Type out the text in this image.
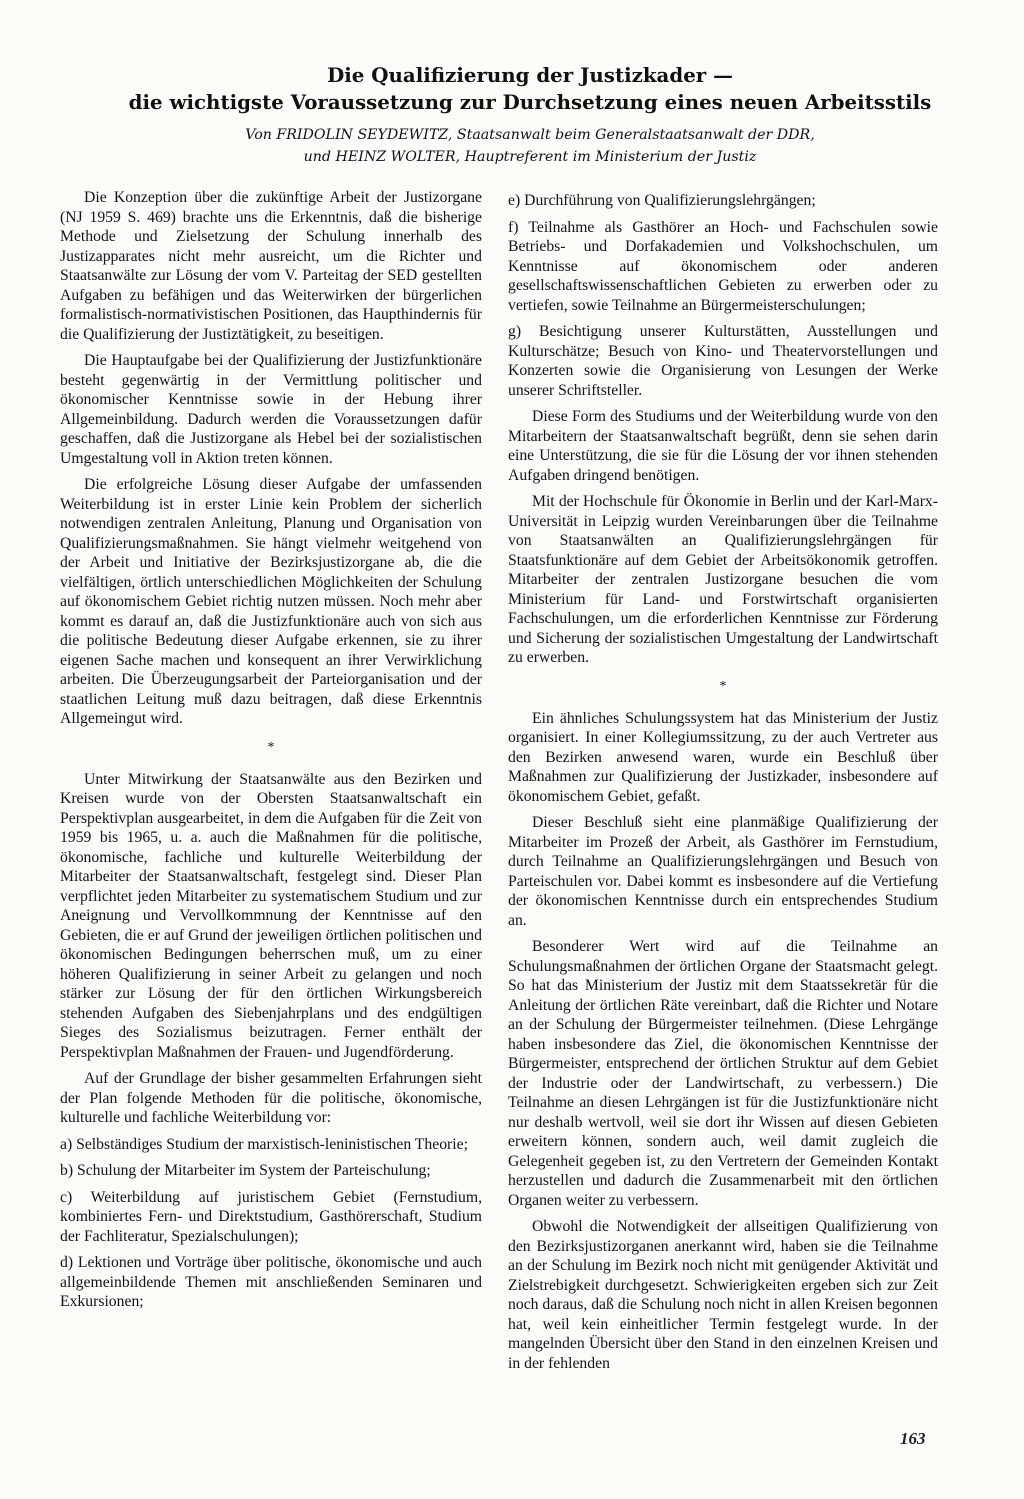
Die Qualifizierung der Justizkader —
die wichtigste Voraussetzung zur Durchsetzung eines neuen Arbeitsstils
Von FRIDOLIN SEYDEWITZ, Staatsanwalt beim Generalstaatsanwalt der DDR,
und HEINZ WOLTER, Hauptreferent im Ministerium der Justiz

Die Konzeption über die zukünftige Arbeit der Justizorgane (NJ 1959 S. 469) brachte uns die Erkenntnis, daß die bisherige Methode und Zielsetzung der Schulung innerhalb des Justizapparates nicht mehr ausreicht, um die Richter und Staatsanwälte zur Lösung der vom V. Parteitag der SED gestellten Aufgaben zu befähigen und das Weiterwirken der bürgerlichen formalistisch-normativistischen Positionen, das Haupthindernis für die Qualifizierung der Justiztätigkeit, zu beseitigen.

Die Hauptaufgabe bei der Qualifizierung der Justizfunktionäre besteht gegenwärtig in der Vermittlung politischer und ökonomischer Kenntnisse sowie in der Hebung ihrer Allgemeinbildung. Dadurch werden die Voraussetzungen dafür geschaffen, daß die Justizorgane als Hebel bei der sozialistischen Umgestaltung voll in Aktion treten können.

Die erfolgreiche Lösung dieser Aufgabe der umfassenden Weiterbildung ist in erster Linie kein Problem der sicherlich notwendigen zentralen Anleitung, Planung und Organisation von Qualifizierungsmaßnahmen. Sie hängt vielmehr weitgehend von der Arbeit und Initiative der Bezirksjustizorgane ab, die die vielfältigen, örtlich unterschiedlichen Möglichkeiten der Schulung auf ökonomischem Gebiet richtig nutzen müssen. Noch mehr aber kommt es darauf an, daß die Justizfunktionäre auch von sich aus die politische Bedeutung dieser Aufgabe erkennen, sie zu ihrer eigenen Sache machen und konsequent an ihrer Verwirklichung arbeiten. Die Überzeugungsarbeit der Parteiorganisation und der staatlichen Leitung muß dazu beitragen, daß diese Erkenntnis Allgemeingut wird.

*

Unter Mitwirkung der Staatsanwälte aus den Bezirken und Kreisen wurde von der Obersten Staatsanwaltschaft ein Perspektivplan ausgearbeitet, in dem die Aufgaben für die Zeit von 1959 bis 1965, u. a. auch die Maßnahmen für die politische, ökonomische, fachliche und kulturelle Weiterbildung der Mitarbeiter der Staatsanwaltschaft, festgelegt sind. Dieser Plan verpflichtet jeden Mitarbeiter zu systematischem Studium und zur Aneignung und Vervollkommnung der Kenntnisse auf den Gebieten, die er auf Grund der jeweiligen örtlichen politischen und ökonomischen Bedingungen beherrschen muß, um zu einer höheren Qualifizierung in seiner Arbeit zu gelangen und noch stärker zur Lösung der für den örtlichen Wirkungsbereich stehenden Aufgaben des Siebenjahrplans und des endgültigen Sieges des Sozialismus beizutragen. Ferner enthält der Perspektivplan Maßnahmen der Frauen- und Jugendförderung.

Auf der Grundlage der bisher gesammelten Erfahrungen sieht der Plan folgende Methoden für die politische, ökonomische, kulturelle und fachliche Weiterbildung vor:

a) Selbständiges Studium der marxistisch-leninistischen Theorie;

b) Schulung der Mitarbeiter im System der Parteischulung;

c) Weiterbildung auf juristischem Gebiet (Fernstudium, kombiniertes Fern- und Direktstudium, Gasthörerschaft, Studium der Fachliteratur, Spezialschulungen);

d) Lektionen und Vorträge über politische, ökonomische und auch allgemeinbildende Themen mit anschließenden Seminaren und Exkursionen;

e) Durchführung von Qualifizierungslehrgängen;

f) Teilnahme als Gasthörer an Hoch- und Fachschulen sowie Betriebs- und Dorfakademien und Volkshochschulen, um Kenntnisse auf ökonomischem oder anderen gesellschaftswissenschaftlichen Gebieten zu erwerben oder zu vertiefen, sowie Teilnahme an Bürgermeisterschulungen;

g) Besichtigung unserer Kulturstätten, Ausstellungen und Kulturschätze; Besuch von Kino- und Theatervorstellungen und Konzerten sowie die Organisierung von Lesungen der Werke unserer Schriftsteller.

Diese Form des Studiums und der Weiterbildung wurde von den Mitarbeitern der Staatsanwaltschaft begrüßt, denn sie sehen darin eine Unterstützung, die sie für die Lösung der vor ihnen stehenden Aufgaben dringend benötigen.

Mit der Hochschule für Ökonomie in Berlin und der Karl-Marx-Universität in Leipzig wurden Vereinbarungen über die Teilnahme von Staatsanwälten an Qualifizierungslehrgängen für Staatsfunktionäre auf dem Gebiet der Arbeitsökonomik getroffen. Mitarbeiter der zentralen Justizorgane besuchen die vom Ministerium für Land- und Forstwirtschaft organisierten Fachschulungen, um die erforderlichen Kenntnisse zur Förderung und Sicherung der sozialistischen Umgestaltung der Landwirtschaft zu erwerben.

*

Ein ähnliches Schulungssystem hat das Ministerium der Justiz organisiert. In einer Kollegiumssitzung, zu der auch Vertreter aus den Bezirken anwesend waren, wurde ein Beschluß über Maßnahmen zur Qualifizierung der Justizkader, insbesondere auf ökonomischem Gebiet, gefaßt.

Dieser Beschluß sieht eine planmäßige Qualifizierung der Mitarbeiter im Prozeß der Arbeit, als Gasthörer im Fernstudium, durch Teilnahme an Qualifizierungslehrgängen und Besuch von Parteischulen vor. Dabei kommt es insbesondere auf die Vertiefung der ökonomischen Kenntnisse durch ein entsprechendes Studium an.

Besonderer Wert wird auf die Teilnahme an Schulungsmaßnahmen der örtlichen Organe der Staatsmacht gelegt. So hat das Ministerium der Justiz mit dem Staatssekretär für die Anleitung der örtlichen Räte vereinbart, daß die Richter und Notare an der Schulung der Bürgermeister teilnehmen. (Diese Lehrgänge haben insbesondere das Ziel, die ökonomischen Kenntnisse der Bürgermeister, entsprechend der örtlichen Struktur auf dem Gebiet der Industrie oder der Landwirtschaft, zu verbessern.) Die Teilnahme an diesen Lehrgängen ist für die Justizfunktionäre nicht nur deshalb wertvoll, weil sie dort ihr Wissen auf diesen Gebieten erweitern können, sondern auch, weil damit zugleich die Gelegenheit gegeben ist, zu den Vertretern der Gemeinden Kontakt herzustellen und dadurch die Zusammenarbeit mit den örtlichen Organen weiter zu verbessern.

Obwohl die Notwendigkeit der allseitigen Qualifizierung von den Bezirksjustizorganen anerkannt wird, haben sie die Teilnahme an der Schulung im Bezirk noch nicht mit genügender Aktivität und Zielstrebigkeit durchgesetzt. Schwierigkeiten ergeben sich zur Zeit noch daraus, daß die Schulung noch nicht in allen Kreisen begonnen hat, weil kein einheitlicher Termin festgelegt wurde. In der mangelnden Übersicht über den Stand in den einzelnen Kreisen und in der fehlenden

163
